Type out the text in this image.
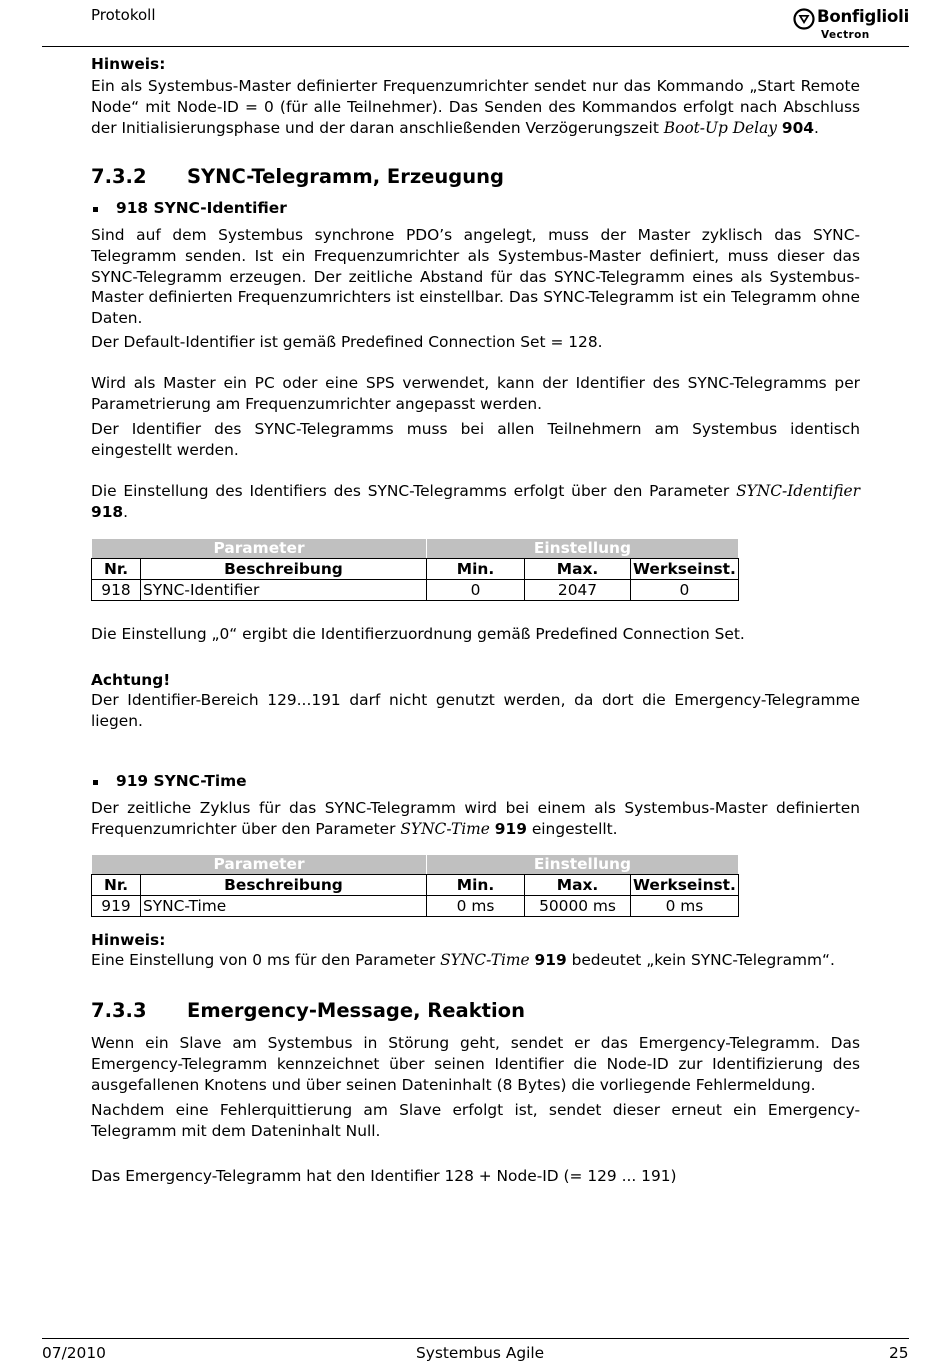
Protokoll	Bonfiglioli
Vectron
Hinweis:

Ein als Systembus-Master definierter Frequenzumrichter sendet nur das Kommando „Start Remote Node“ mit Node-ID = 0 (für alle Teilnehmer). Das Senden des Kommandos erfolgt nach Abschluss der Initialisierungsphase und der daran anschließenden Verzögerungszeit Boot-Up Delay 904.

7.3.2 SYNC-Telegramm, Erzeugung
918 SYNC-Identifier

Sind auf dem Systembus synchrone PDO’s angelegt, muss der Master zyklisch das SYNC-Telegramm senden. Ist ein Frequenzumrichter als Systembus-Master definiert, muss dieser das SYNC-Telegramm erzeugen. Der zeitliche Abstand für das SYNC-Telegramm eines als Systembus-Master definierten Frequenzumrichters ist einstellbar. Das SYNC-Telegramm ist ein Telegramm ohne Daten.

Der Default-Identifier ist gemäß Predefined Connection Set = 128.

Wird als Master ein PC oder eine SPS verwendet, kann der Identifier des SYNC-Telegramms per Parametrierung am Frequenzumrichter angepasst werden.

Der Identifier des SYNC-Telegramms muss bei allen Teilnehmern am Systembus identisch eingestellt werden.

Die Einstellung des Identifiers des SYNC-Telegramms erfolgt über den Parameter SYNC-Identifier 918.

Parameter		Einstellung		
Nr.	Beschreibung	Min.	Max.	Werkseinst.
918	SYNC-Identifier	0	2047	0

Die Einstellung „0“ ergibt die Identifierzuordnung gemäß Predefined Connection Set.

Achtung!

Der Identifier-Bereich 129...191 darf nicht genutzt werden, da dort die Emergency-Telegramme liegen.

919 SYNC-Time

Der zeitliche Zyklus für das SYNC-Telegramm wird bei einem als Systembus-Master definierten Frequenzumrichter über den Parameter SYNC-Time 919 eingestellt.

Parameter		Einstellung		
Nr.	Beschreibung	Min.	Max.	Werkseinst.
919	SYNC-Time	0 ms	50000 ms	0 ms
Hinweis:

Eine Einstellung von 0 ms für den Parameter SYNC-Time 919 bedeutet „kein SYNC-Telegramm“.

7.3.3 Emergency-Message, Reaktion

Wenn ein Slave am Systembus in Störung geht, sendet er das Emergency-Telegramm. Das Emergency-Telegramm kennzeichnet über seinen Identifier die Node-ID zur Identifizierung des ausgefallenen Knotens und über seinen Dateninhalt (8 Bytes) die vorliegende Fehlermeldung.

Nachdem eine Fehlerquittierung am Slave erfolgt ist, sendet dieser erneut ein Emergency-Telegramm mit dem Dateninhalt Null.

Das Emergency-Telegramm hat den Identifier 128 + Node-ID (= 129 ... 191)

07/2010	Systembus Agile	25
